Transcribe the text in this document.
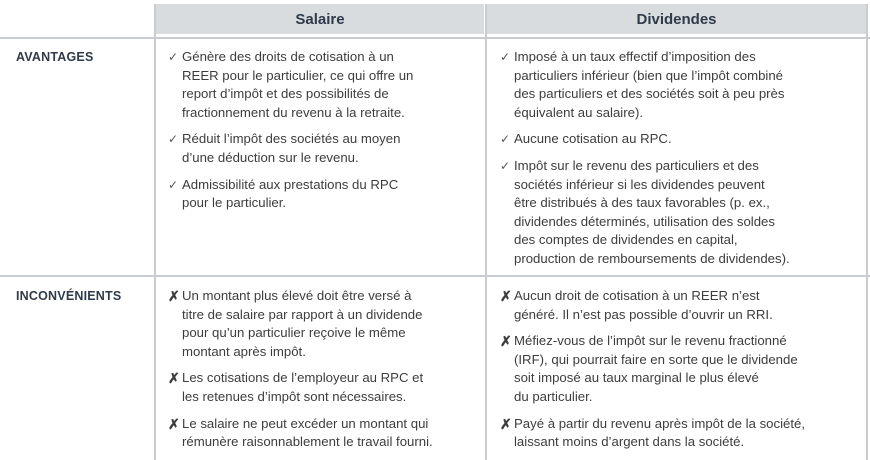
Salaire	Dividendes
AVANTAGES
INCONVÉNIENTS
✓ Génère des droits de cotisation à un
REER pour le particulier, ce qui offre un
report d’impôt et des possibilités de
fractionnement du revenu à la retraite.
✓ Réduit l’impôt des sociétés au moyen
d’une déduction sur le revenu.
✓ Admissibilité aux prestations du RPC
pour le particulier.
✓ Imposé à un taux effectif d’imposition des
particuliers inférieur (bien que l’impôt combiné
des particuliers et des sociétés soit à peu près
équivalent au salaire).
✓ Aucune cotisation au RPC.
✓ Impôt sur le revenu des particuliers et des
sociétés inférieur si les dividendes peuvent
être distribués à des taux favorables (p. ex.,
dividendes déterminés, utilisation des soldes
des comptes de dividendes en capital,
production de remboursements de dividendes).
✗ Un montant plus élevé doit être versé à
titre de salaire par rapport à un dividende
pour qu’un particulier reçoive le même
montant après impôt.
✗ Les cotisations de l’employeur au RPC et
les retenues d’impôt sont nécessaires.
✗ Le salaire ne peut excéder un montant qui
rémunère raisonnablement le travail fourni.
✗ Aucun droit de cotisation à un REER n’est
généré. Il n’est pas possible d’ouvrir un RRI.
✗ Méfiez-vous de l’impôt sur le revenu fractionné
(IRF), qui pourrait faire en sorte que le dividende
soit imposé au taux marginal le plus élevé
du particulier.
✗ Payé à partir du revenu après impôt de la société,
laissant moins d’argent dans la société.
